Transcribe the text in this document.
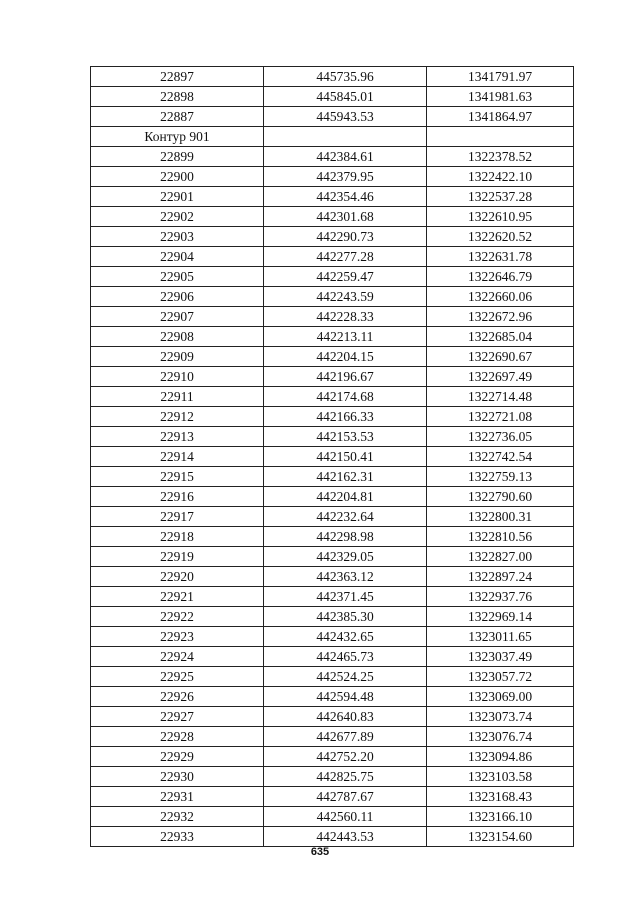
22897	445735.96	1341791.97
22898	445845.01	1341981.63
22887	445943.53	1341864.97
Контур 901		
22899	442384.61	1322378.52
22900	442379.95	1322422.10
22901	442354.46	1322537.28
22902	442301.68	1322610.95
22903	442290.73	1322620.52
22904	442277.28	1322631.78
22905	442259.47	1322646.79
22906	442243.59	1322660.06
22907	442228.33	1322672.96
22908	442213.11	1322685.04
22909	442204.15	1322690.67
22910	442196.67	1322697.49
22911	442174.68	1322714.48
22912	442166.33	1322721.08
22913	442153.53	1322736.05
22914	442150.41	1322742.54
22915	442162.31	1322759.13
22916	442204.81	1322790.60
22917	442232.64	1322800.31
22918	442298.98	1322810.56
22919	442329.05	1322827.00
22920	442363.12	1322897.24
22921	442371.45	1322937.76
22922	442385.30	1322969.14
22923	442432.65	1323011.65
22924	442465.73	1323037.49
22925	442524.25	1323057.72
22926	442594.48	1323069.00
22927	442640.83	1323073.74
22928	442677.89	1323076.74
22929	442752.20	1323094.86
22930	442825.75	1323103.58
22931	442787.67	1323168.43
22932	442560.11	1323166.10
22933	442443.53	1323154.60
635
